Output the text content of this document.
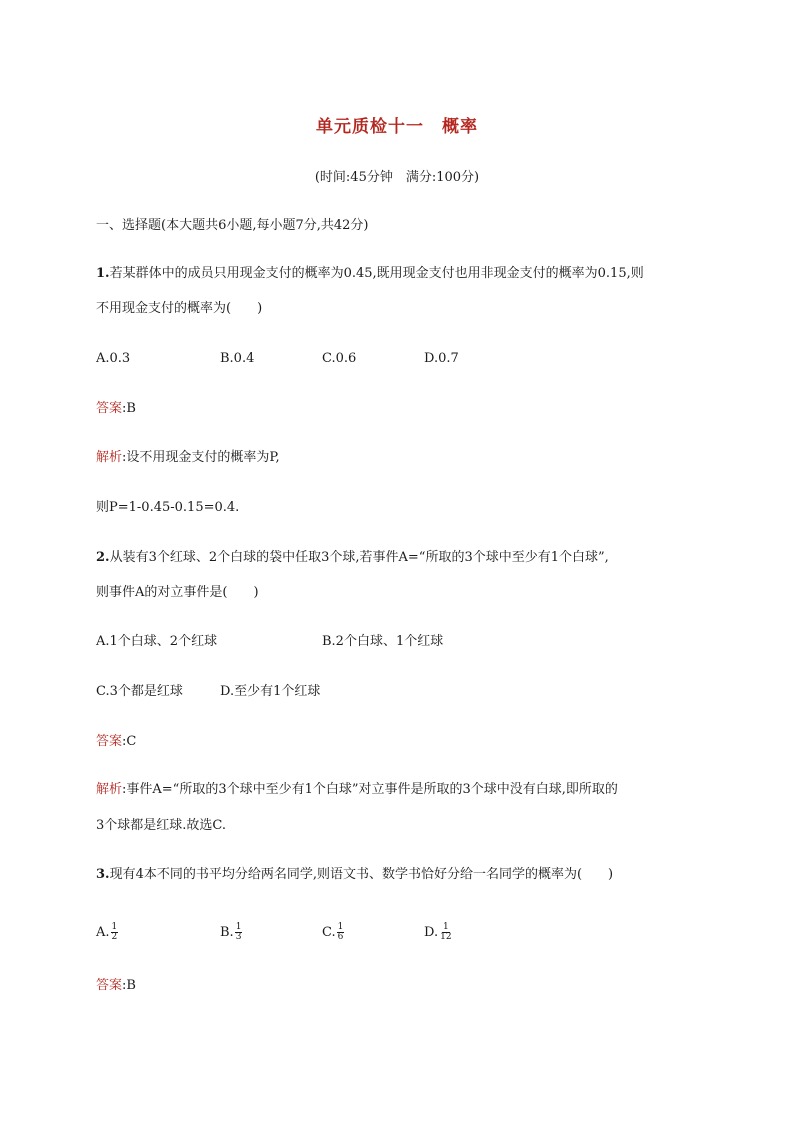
单元质检十一　概率
(时间:45分钟　满分:100分)
一、选择题(本大题共6小题,每小题7分,共42分)
1.若某群体中的成员只用现金支付的概率为0.45,既用现金支付也用非现金支付的概率为0.15,则
不用现金支付的概率为(　　)
A.0.3	B.0.4	C.0.6	D.0.7
答案:B
解析:设不用现金支付的概率为P,
则P=1-0.45-0.15=0.4.
2.从装有3个红球、2个白球的袋中任取3个球,若事件A=“所取的3个球中至少有1个白球”,
则事件A的对立事件是(　　)
A.1个白球、2个红球	B.2个白球、1个红球
C.3个都是红球	D.至少有1个红球
答案:C
解析:事件A=“所取的3个球中至少有1个白球”对立事件是所取的3个球中没有白球,即所取的
3个球都是红球.故选C.
3.现有4本不同的书平均分给两名同学,则语文书、数学书恰好分给一名同学的概率为(　　)
A. $\frac{1}{2}$	B. $\frac{1}{3}$	C. $\frac{1}{6}$	D. $\frac{1}{12}$
答案:B
